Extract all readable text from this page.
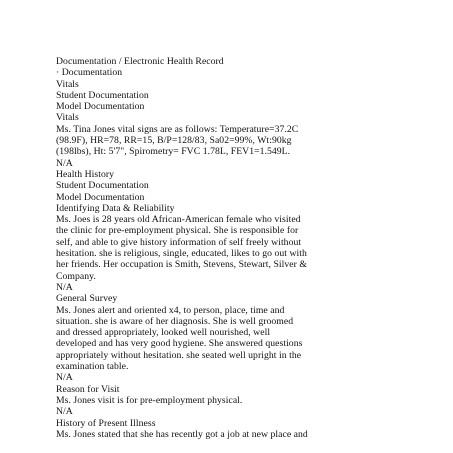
Documentation / Electronic Health Record
· Documentation
Vitals
Student Documentation
Model Documentation
Vitals
Ms. Tina Jones vital signs are as follows: Temperature=37.2C
(98.9F), HR=78, RR=15, B/P=128/83, Sa02=99%, Wt:90kg
(198lbs), Ht: 5'7", Spirometry= FVC 1.78L, FEV1=1.549L.
N/A
Health History
Student Documentation
Model Documentation
Identifying Data & Reliability
Ms. Joes is 28 years old African-American female who visited
the clinic for pre-employment physical. She is responsible for
self, and able to give history information of self freely without
hesitation. she is religious, single, educated, likes to go out with
her friends. Her occupation is Smith, Stevens, Stewart, Silver &
Company.
N/A
General Survey
Ms. Jones alert and oriented x4, to person, place, time and
situation. she is aware of her diagnosis. She is well groomed
and dressed appropriately, looked well nourished, well
developed and has very good hygiene. She answered questions
appropriately without hesitation. she seated well upright in the
examination table.
N/A
Reason for Visit
Ms. Jones visit is for pre-employment physical.
N/A
History of Present Illness
Ms. Jones stated that she has recently got a job at new place and
